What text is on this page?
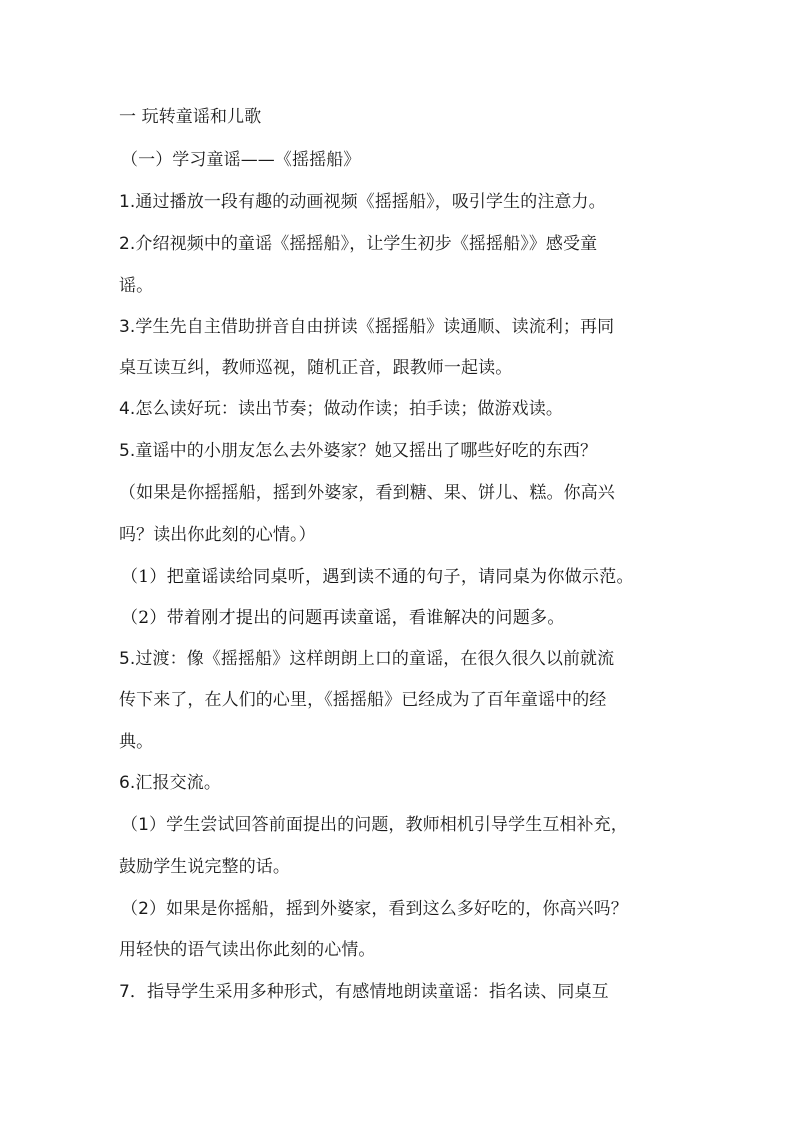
一 玩转童谣和儿歌
（一）学习童谣——《摇摇船》
1.通过播放一段有趣的动画视频《摇摇船》，吸引学生的注意力。
2.介绍视频中的童谣《摇摇船》，让学生初步《摇摇船》》感受童
谣。
3.学生先自主借助拼音自由拼读《摇摇船》读通顺、读流利；再同
桌互读互纠，教师巡视，随机正音，跟教师一起读。
4.怎么读好玩：读出节奏；做动作读；拍手读；做游戏读。
5.童谣中的小朋友怎么去外婆家？她又摇出了哪些好吃的东西？
（如果是你摇摇船，摇到外婆家，看到糖、果、饼儿、糕。你高兴
吗？读出你此刻的心情。）
（1）把童谣读给同桌听，遇到读不通的句子，请同桌为你做示范。
（2）带着刚才提出的问题再读童谣，看谁解决的问题多。
5.过渡：像《摇摇船》这样朗朗上口的童谣，在很久很久以前就流
传下来了，在人们的心里，《摇摇船》已经成为了百年童谣中的经
典。
6.汇报交流。
（1）学生尝试回答前面提出的问题，教师相机引导学生互相补充，
鼓励学生说完整的话。
（2）如果是你摇船，摇到外婆家，看到这么多好吃的，你高兴吗？
用轻快的语气读出你此刻的心情。
7．指导学生采用多种形式，有感情地朗读童谣：指名读、同桌互
